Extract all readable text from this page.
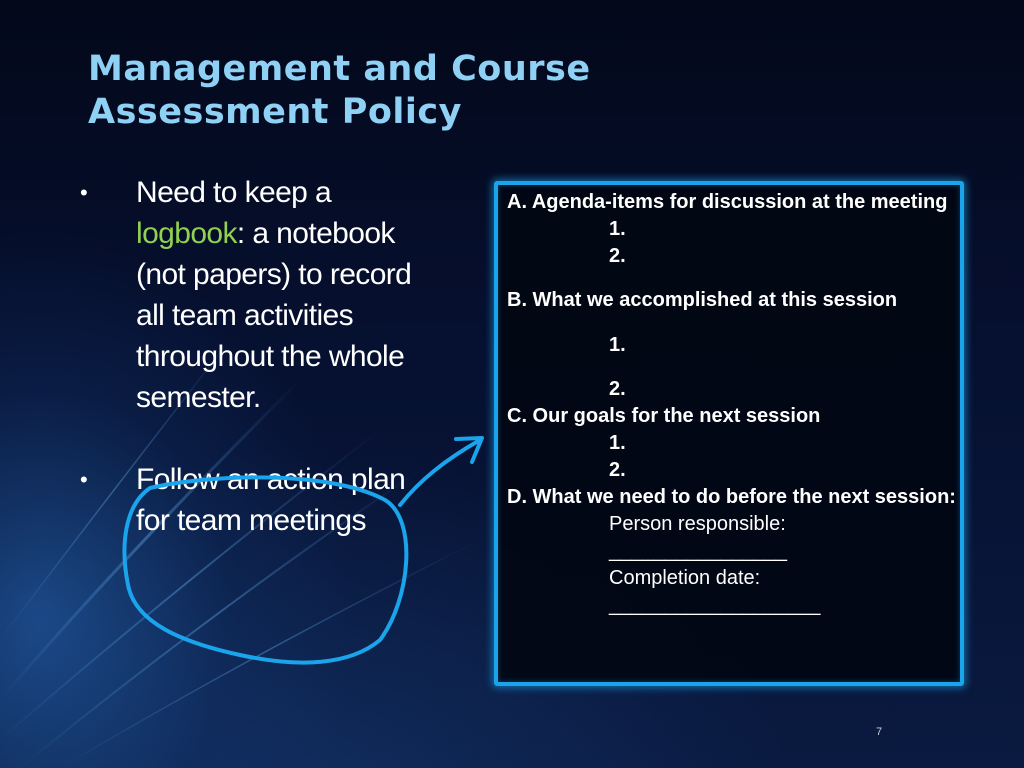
Management and Course
Assessment Policy
• Need to keep a
logbook: a notebook (not papers) to record all team activities throughout the whole semester.
• Follow an action plan for team meetings
A. Agenda-items for discussion at the meeting
1.
2.
B. What we accomplished at this session
1.
2.
C. Our goals for the next session
1.
2.
D. What we need to do before the next session:
Person responsible:
________________
Completion date:
___________________
7
